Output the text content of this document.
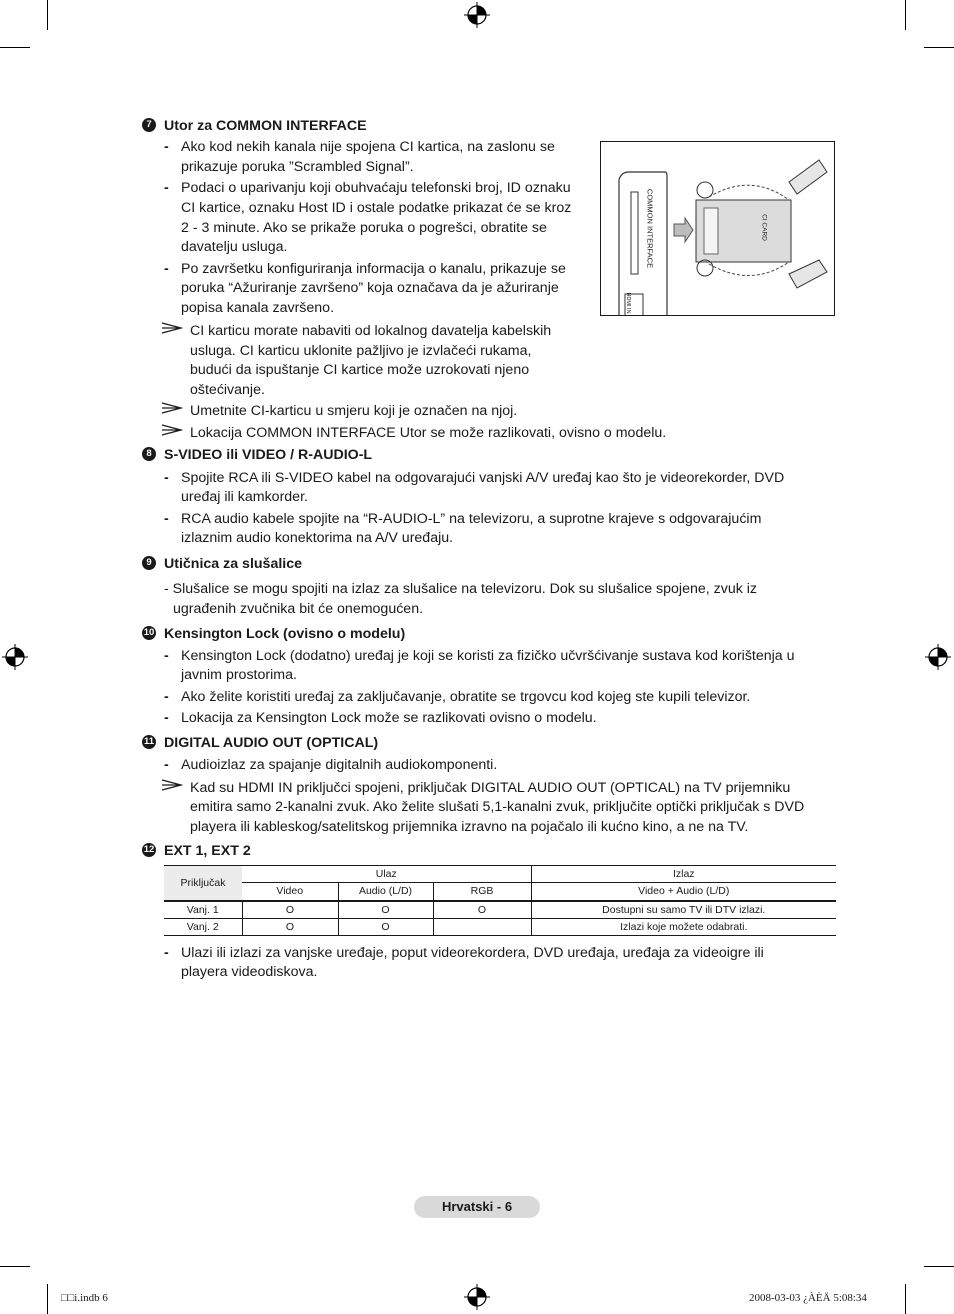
7 Utor za COMMON INTERFACE
- Ako kod nekih kanala nije spojena CI kartica, na zaslonu se
prikazuje poruka ”Scrambled Signal”.
- Podaci o uparivanju koji obuhvaćaju telefonski broj, ID oznaku
CI kartice, oznaku Host ID i ostale podatke prikazat će se kroz
2 - 3 minute. Ako se prikaže poruka o pogrešci, obratite se
davatelju usluga.
- Po završetku konfiguriranja informacija o kanalu, prikazuje se
poruka “Ažuriranje završeno” koja označava da je ažuriranje
popisa kanala završeno.
CI karticu morate nabaviti od lokalnog davatelja kabelskih
usluga. CI karticu uklonite pažljivo je izvlačeći rukama,
budući da ispuštanje CI kartice može uzrokovati njeno
oštećivanje.
Umetnite CI-karticu u smjeru koji je označen na njoj.
Lokacija COMMON INTERFACE Utor se može razlikovati, ovisno o modelu.
COMMON INTERFACE	CI CARD
HDMI IN
8 S-VIDEO ili VIDEO / R-AUDIO-L
- Spojite RCA ili S-VIDEO kabel na odgovarajući vanjski A/V uređaj kao što je videorekorder, DVD
uređaj ili kamkorder.
- RCA audio kabele spojite na “R-AUDIO-L” na televizoru, a suprotne krajeve s odgovarajućim
izlaznim audio konektorima na A/V uređaju.
9 Utičnica za slušalice
- Slušalice se mogu spojiti na izlaz za slušalice na televizoru. Dok su slušalice spojene, zvuk iz
ugrađenih zvučnika bit će onemogućen.
10 Kensington Lock (ovisno o modelu)
- Kensington Lock (dodatno) uređaj je koji se koristi za fizičko učvršćivanje sustava kod korištenja u
javnim prostorima.
- Ako želite koristiti uređaj za zaključavanje, obratite se trgovcu kod kojeg ste kupili televizor.
- Lokacija za Kensington Lock može se razlikovati ovisno o modelu.
11 DIGITAL AUDIO OUT (OPTICAL)
- Audioizlaz za spajanje digitalnih audiokomponenti.
Kad su HDMI IN priključci spojeni, priključak DIGITAL AUDIO OUT (OPTICAL) na TV prijemniku
emitira samo 2-kanalni zvuk. Ako želite slušati 5,1-kanalni zvuk, priključite optički priključak s DVD
playera ili kableskog/satelitskog prijemnika izravno na pojačalo ili kućno kino, a ne na TV.
12 EXT 1, EXT 2
Priključak	Ulaz			Izlaz
	Video	Audio (L/D)	RGB	Video + Audio (L/D)
Vanj. 1	O	O	O	Dostupni su samo TV ili DTV izlazi.
Vanj. 2	O	O		Izlazi koje možete odabrati.
- Ulazi ili izlazi za vanjske uređaje, poput videorekordera, DVD uređaja, uređaja za videoigre ili
playera videodiskova.
Hrvatski - 6
□□i.indb 6	2008-03-03 ¿ÀÈÄ 5:08:34
